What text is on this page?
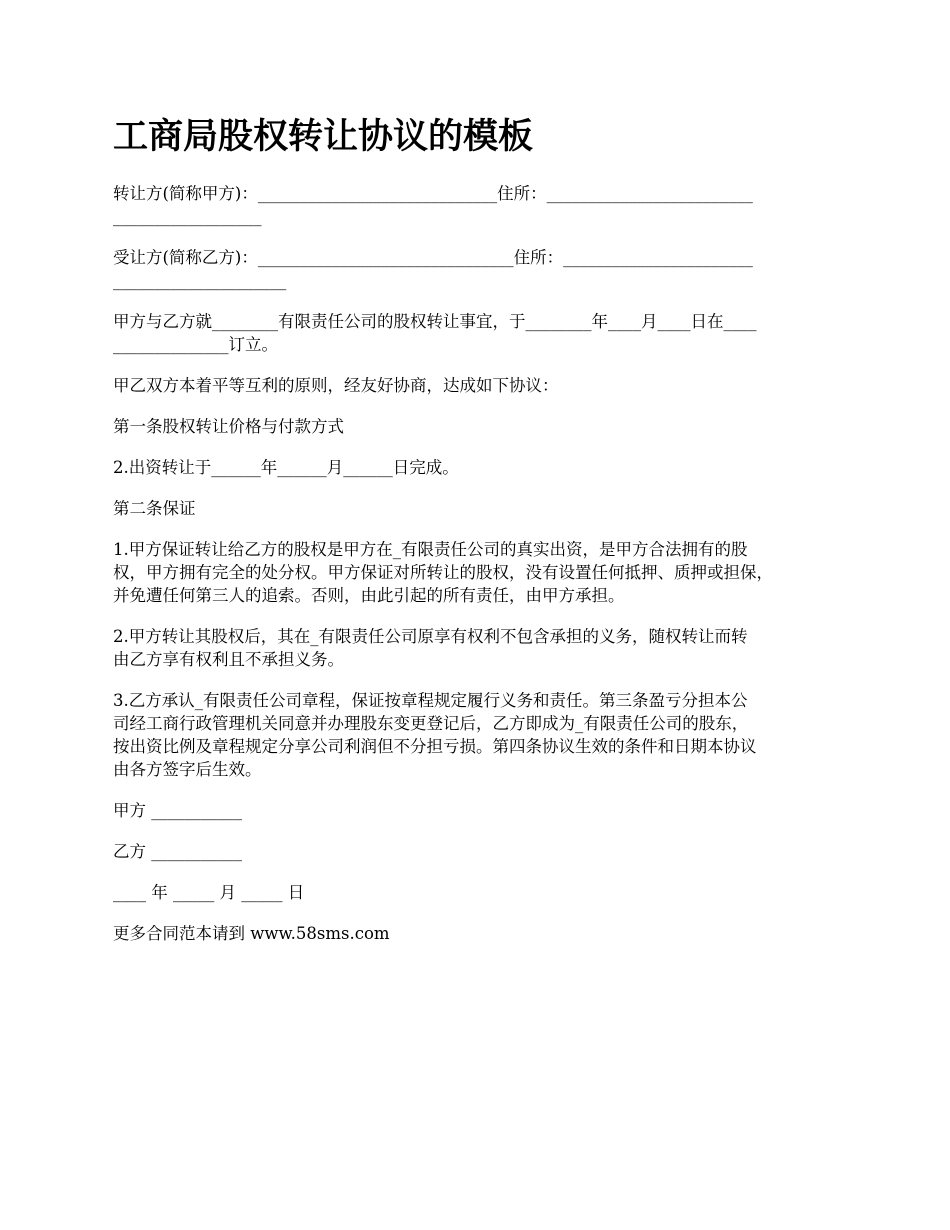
工商局股权转让协议的模板

转让方(简称甲方)：_____________________________住所：_________________________
__________________

受让方(简称乙方)：_______________________________住所：_______________________
_____________________

甲方与乙方就________有限责任公司的股权转让事宜，于________年____月____日在____
______________订立。

甲乙双方本着平等互利的原则，经友好协商，达成如下协议：

第一条股权转让价格与付款方式

2.出资转让于______年______月______日完成。

第二条保证

1.甲方保证转让给乙方的股权是甲方在_有限责任公司的真实出资，是甲方合法拥有的股
权，甲方拥有完全的处分权。甲方保证对所转让的股权，没有设置任何抵押、质押或担保，
并免遭任何第三人的追索。否则，由此引起的所有责任，由甲方承担。

2.甲方转让其股权后，其在_有限责任公司原享有权利不包含承担的义务，随权转让而转
由乙方享有权利且不承担义务。

3.乙方承认_有限责任公司章程，保证按章程规定履行义务和责任。第三条盈亏分担本公
司经工商行政管理机关同意并办理股东变更登记后，乙方即成为_有限责任公司的股东，
按出资比例及章程规定分享公司利润但不分担亏损。第四条协议生效的条件和日期本协议
由各方签字后生效。

甲方 ___________

乙方 ___________

____ 年 _____ 月 _____ 日

更多合同范本请到 www.58sms.com
